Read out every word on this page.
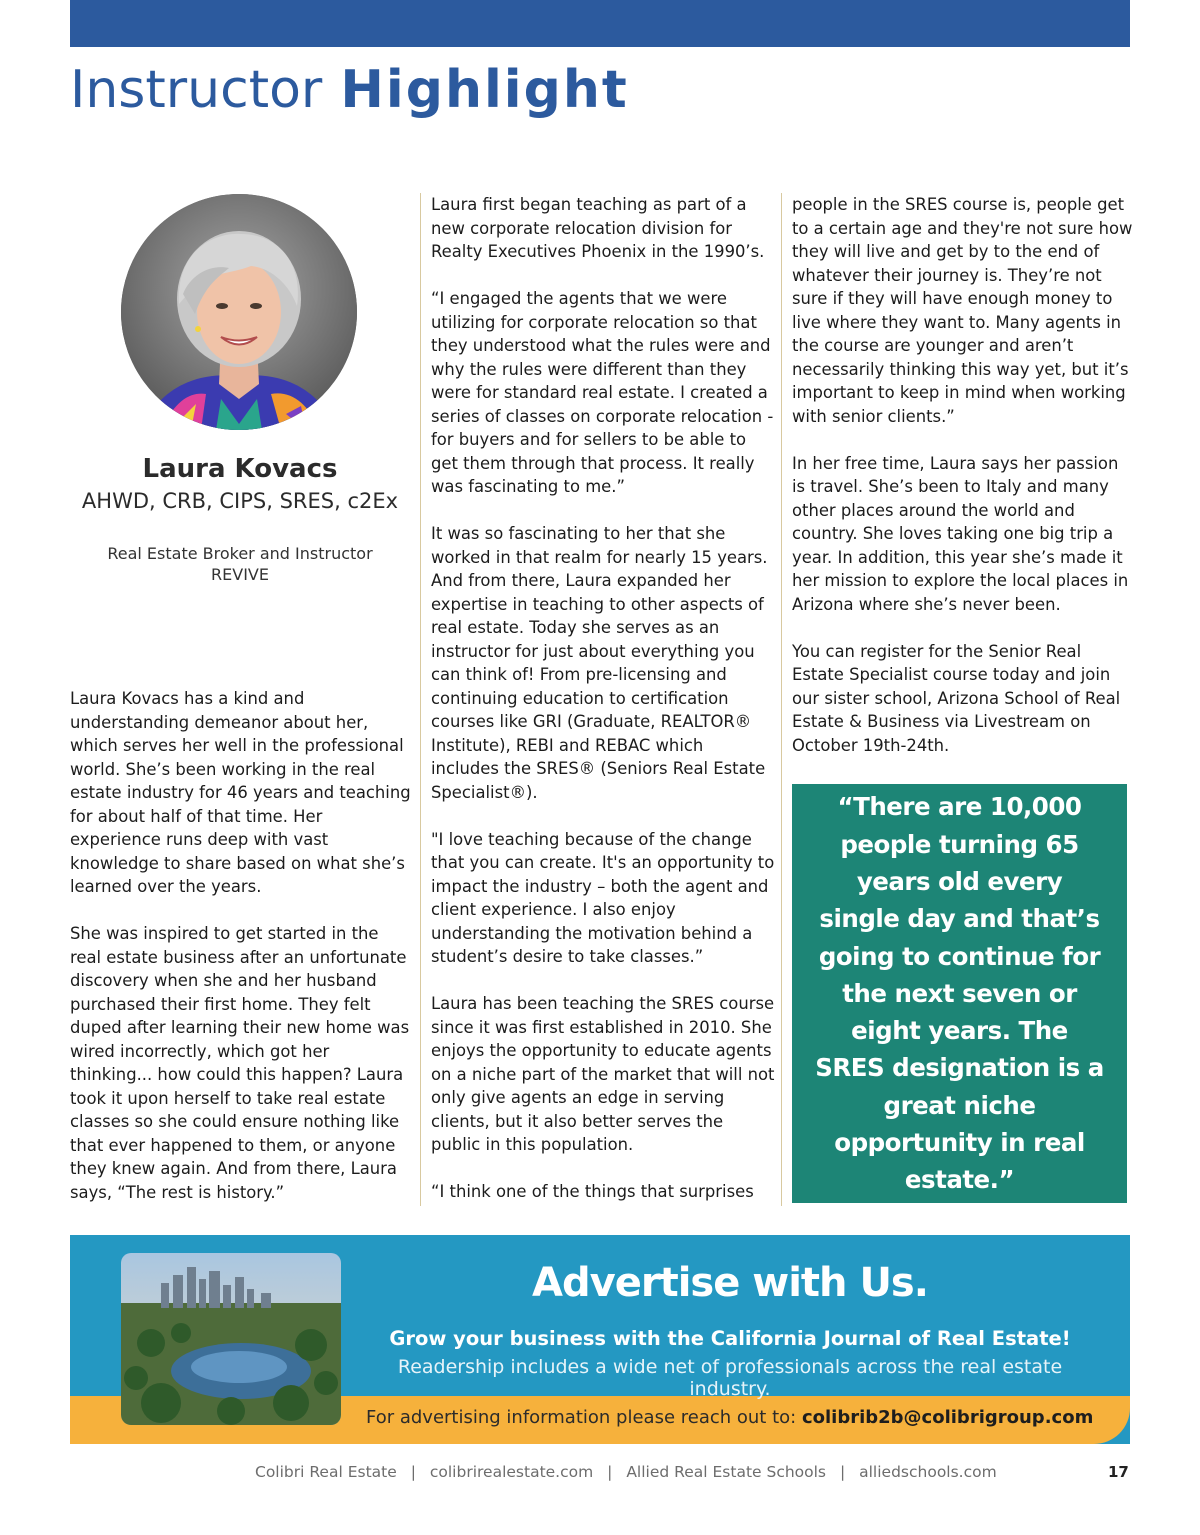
Instructor Highlight
Laura Kovacs
AHWD, CRB, CIPS, SRES, c2Ex
Real Estate Broker and Instructor
REVIVE

Laura Kovacs has a kind and understanding demeanor about her, which serves her well in the professional world. She’s been working in the real estate industry for 46 years and teaching for about half of that time. Her experience runs deep with vast knowledge to share based on what she’s learned over the years.

She was inspired to get started in the real estate business after an unfortunate discovery when she and her husband purchased their first home. They felt duped after learning their new home was wired incorrectly, which got her thinking... how could this happen? Laura took it upon herself to take real estate classes so she could ensure nothing like that ever happened to them, or anyone they knew again. And from there, Laura says, “The rest is history.”

Laura first began teaching as part of a new corporate relocation division for Realty Executives Phoenix in the 1990’s.

“I engaged the agents that we were utilizing for corporate relocation so that they understood what the rules were and why the rules were different than they were for standard real estate. I created a series of classes on corporate relocation - for buyers and for sellers to be able to get them through that process. It really was fascinating to me.”

It was so fascinating to her that she worked in that realm for nearly 15 years. And from there, Laura expanded her expertise in teaching to other aspects of real estate. Today she serves as an instructor for just about everything you can think of! From pre-licensing and continuing education to certification courses like GRI (Graduate, REALTOR® Institute), REBI and REBAC which includes the SRES® (Seniors Real Estate Specialist®).

"I love teaching because of the change that you can create. It's an opportunity to impact the industry – both the agent and client experience. I also enjoy understanding the motivation behind a student’s desire to take classes.”

Laura has been teaching the SRES course since it was first established in 2010. She enjoys the opportunity to educate agents on a niche part of the market that will not only give agents an edge in serving clients, but it also better serves the public in this population.

“I think one of the things that surprises

people in the SRES course is, people get to a certain age and they're not sure how they will live and get by to the end of whatever their journey is. They’re not sure if they will have enough money to live where they want to. Many agents in the course are younger and aren’t necessarily thinking this way yet, but it’s important to keep in mind when working with senior clients.”

In her free time, Laura says her passion is travel. She’s been to Italy and many other places around the world and country. She loves taking one big trip a year. In addition, this year she’s made it her mission to explore the local places in Arizona where she’s never been.

You can register for the Senior Real Estate Specialist course today and join our sister school, Arizona School of Real Estate & Business via Livestream on October 19th-24th.

“There are 10,000 people turning 65 years old every single day and that’s going to continue for the next seven or eight years. The SRES designation is a great niche opportunity in real estate.”

Advertise with Us.
Grow your business with the California Journal of Real Estate!
Readership includes a wide net of professionals across the real estate industry.
For advertising information please reach out to: colibrib2b@colibrigroup.com
Colibri Real Estate | colibrirealestate.com | Allied Real Estate Schools | alliedschools.com	17
